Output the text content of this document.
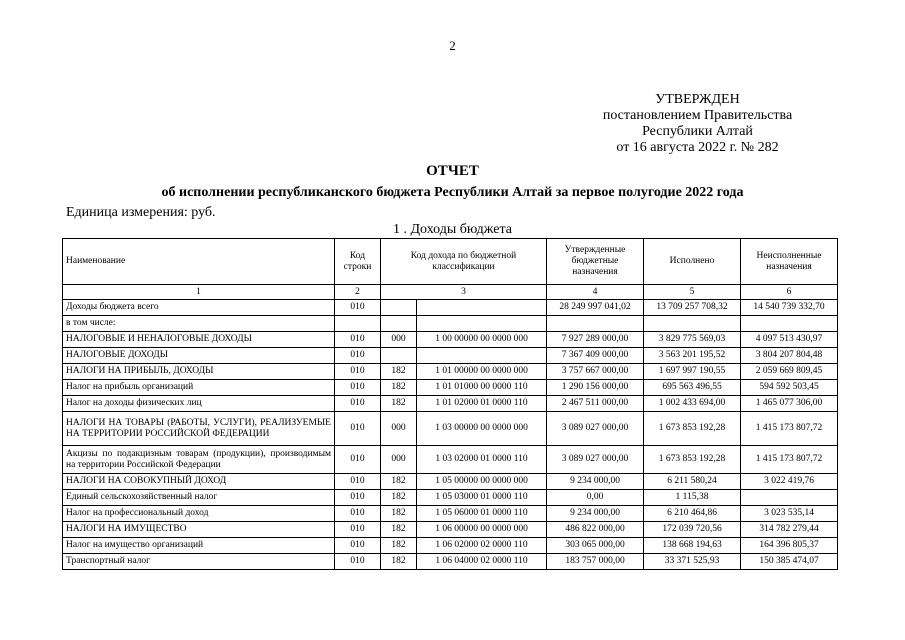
2
УТВЕРЖДЕН
постановлением Правительства
Республики Алтай
от 16 августа 2022 г. № 282
ОТЧЕТ
об исполнении республиканского бюджета Республики Алтай за первое полугодие 2022 года
Единица измерения: руб.
1 . Доходы бюджета
Наименование	Код строки	Код дохода по бюджетной классификации		Утвержденные бюджетные назначения	Исполнено	Неисполненные назначения
1	2	3		4	5	6
Доходы бюджета всего	010			28 249 997 041,02	13 709 257 708,32	14 540 739 332,70
в том числе:						
НАЛОГОВЫЕ И НЕНАЛОГОВЫЕ ДОХОДЫ	010	000	1 00 00000 00 0000 000	7 927 289 000,00	3 829 775 569,03	4 097 513 430,97
НАЛОГОВЫЕ ДОХОДЫ	010			7 367 409 000,00	3 563 201 195,52	3 804 207 804,48
НАЛОГИ НА ПРИБЫЛЬ, ДОХОДЫ	010	182	1 01 00000 00 0000 000	3 757 667 000,00	1 697 997 190,55	2 059 669 809,45
Налог на прибыль организаций	010	182	1 01 01000 00 0000 110	1 290 156 000,00	695 563 496,55	594 592 503,45
Налог на доходы физических лиц	010	182	1 01 02000 01 0000 110	2 467 511 000,00	1 002 433 694,00	1 465 077 306,00
НАЛОГИ НА ТОВАРЫ (РАБОТЫ, УСЛУГИ), РЕАЛИЗУЕМЫЕ НА ТЕРРИТОРИИ РОССИЙСКОЙ ФЕДЕРАЦИИ	010	000	1 03 00000 00 0000 000	3 089 027 000,00	1 673 853 192,28	1 415 173 807,72
Акцизы по подакцизным товарам (продукции), производимым на территории Российской Федерации	010	000	1 03 02000 01 0000 110	3 089 027 000,00	1 673 853 192,28	1 415 173 807,72
НАЛОГИ НА СОВОКУПНЫЙ ДОХОД	010	182	1 05 00000 00 0000 000	9 234 000,00	6 211 580,24	3 022 419,76
Единый сельскохозяйственный налог	010	182	1 05 03000 01 0000 110	0,00	1 115,38	
Налог на профессиональный доход	010	182	1 05 06000 01 0000 110	9 234 000,00	6 210 464,86	3 023 535,14
НАЛОГИ НА ИМУЩЕСТВО	010	182	1 06 00000 00 0000 000	486 822 000,00	172 039 720,56	314 782 279,44
Налог на имущество организаций	010	182	1 06 02000 02 0000 110	303 065 000,00	138 668 194,63	164 396 805,37
Транспортный налог	010	182	1 06 04000 02 0000 110	183 757 000,00	33 371 525,93	150 385 474,07
